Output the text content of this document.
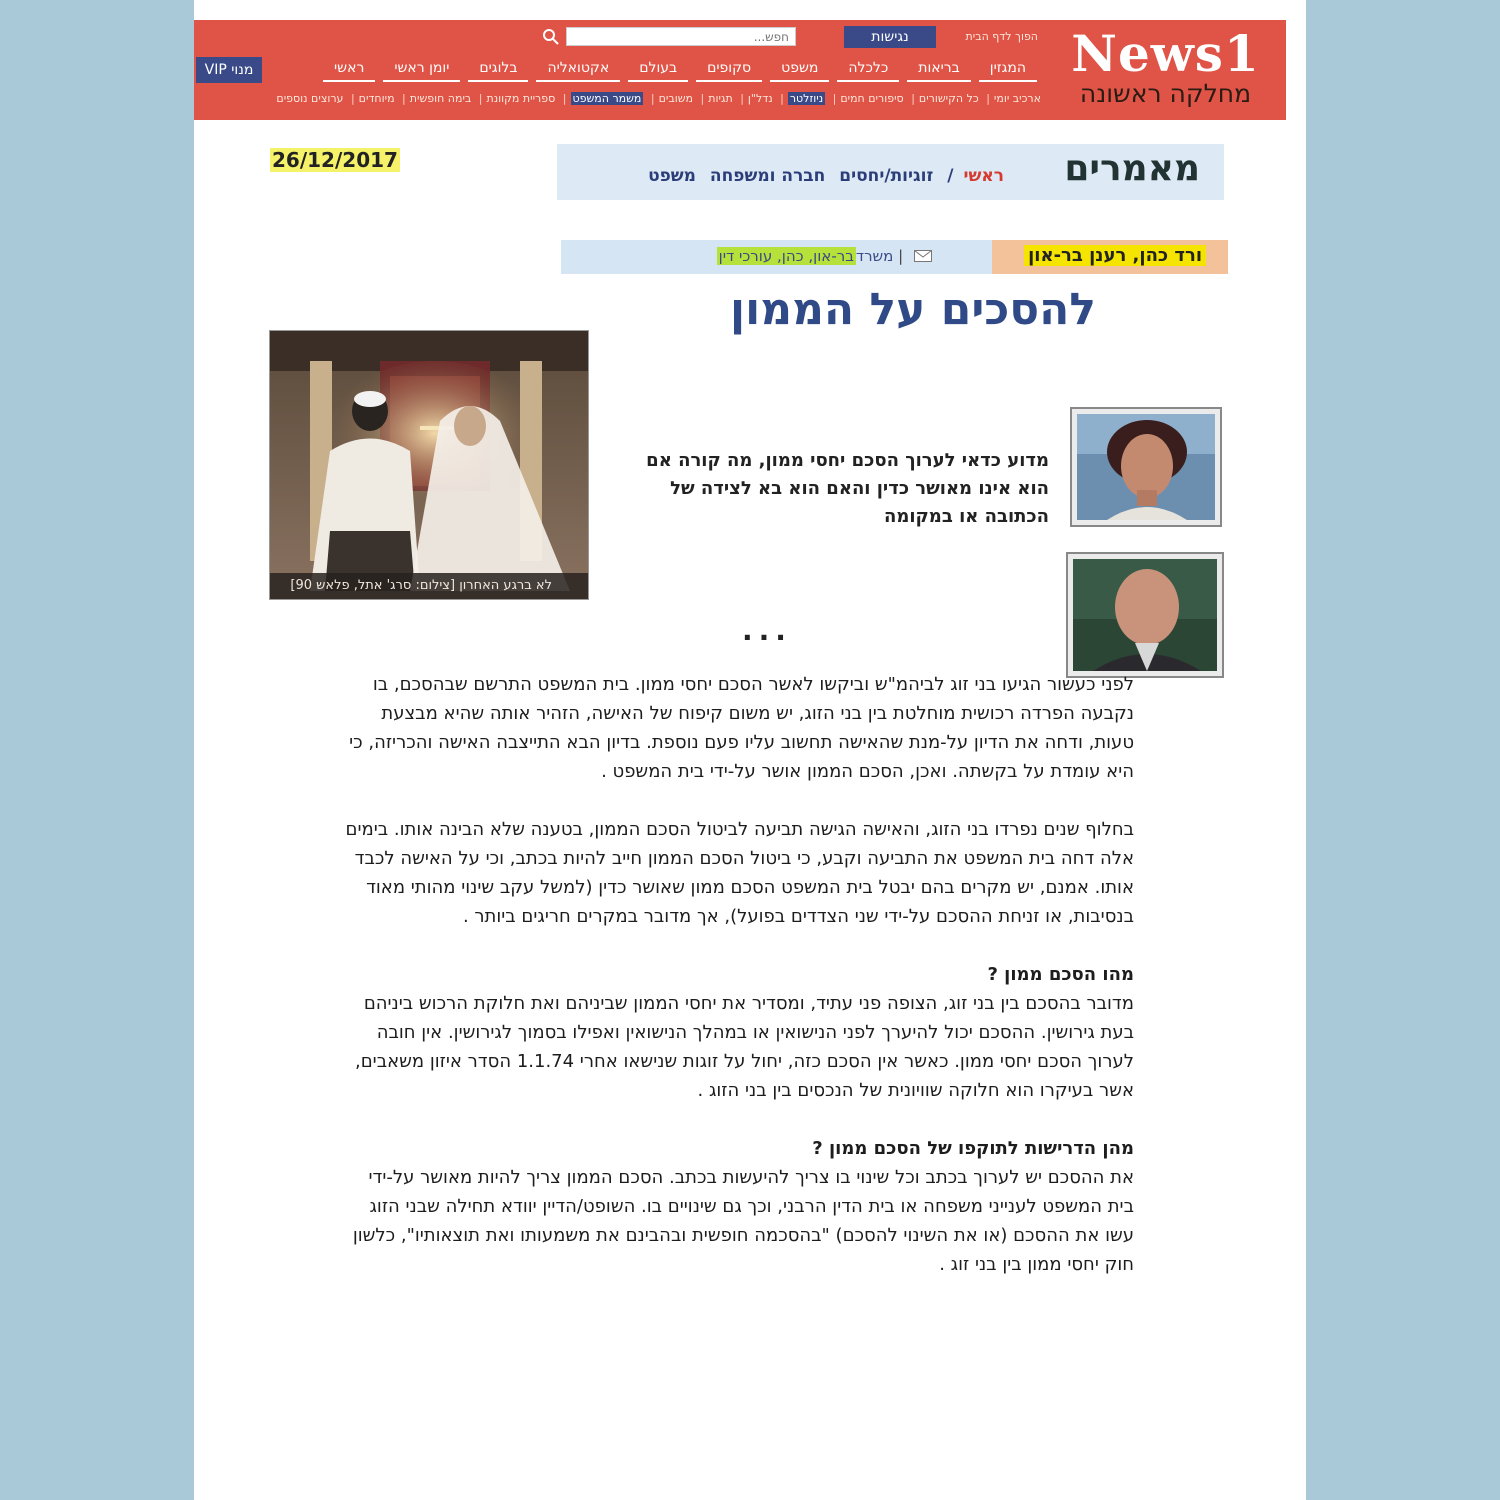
News1
מחלקה ראשונה
הפוך לדף הבית
נגישות
חפש...
ראשי	יומן ראשי	בלוגים	אקטואליה	בעולם	סקופים	משפט	כלכלה	בריאות	המגזין
מנוי VIP
ארכיב יומי| כל הקישורים| סיפורים חמים| ניוזלטר| נדל"ן| תגיות| משובים| משמר המשפט| ספריית מקוונת| בימה חופשית| מיוחדים| ערוצים נוספים
26/12/2017	מאמרים
ראשי/זוגיות/יחסים חברה ומשפחה משפט
ורד כהן, רענן בר-און
| משרדבר-און, כהן, עורכי דין
להסכים על הממון
לא ברגע האחרון [צילום: סרג' אתל, פלאש 90]
מדוע כדאי לערוך הסכם יחסי ממון, מה קורה אם הוא אינו מאושר כדין והאם הוא בא לצידה של הכתובה או במקומה
...

לפני כעשור הגיעו בני זוג לביהמ"ש וביקשו לאשר הסכם יחסי ממון. בית המשפט התרשם שבהסכם, בו נקבעה הפרדה רכושית מוחלטת בין בני הזוג, יש משום קיפוח של האישה, הזהיר אותה שהיא מבצעת טעות, ודחה את הדיון על-מנת שהאישה תחשוב עליו פעם נוספת. בדיון הבא התייצבה האישה והכריזה, כי היא עומדת על בקשתה. ואכן, הסכם הממון אושר על-ידי בית המשפט .

בחלוף שנים נפרדו בני הזוג, והאישה הגישה תביעה לביטול הסכם הממון, בטענה שלא הבינה אותו. בימים אלה דחה בית המשפט את התביעה וקבע, כי ביטול הסכם הממון חייב להיות בכתב, וכי על האישה לכבד אותו. אמנם, יש מקרים בהם יבטל בית המשפט הסכם ממון שאושר כדין (למשל עקב שינוי מהותי מאוד בנסיבות, או זניחת ההסכם על-ידי שני הצדדים בפועל), אך מדובר במקרים חריגים ביותר .

מהו הסכם ממון ?

מדובר בהסכם בין בני זוג, הצופה פני עתיד, ומסדיר את יחסי הממון שביניהם ואת חלוקת הרכוש ביניהם בעת גירושין. ההסכם יכול להיערך לפני הנישואין או במהלך הנישואין ואפילו בסמוך לגירושין. אין חובה לערוך הסכם יחסי ממון. כאשר אין הסכם כזה, יחול על זוגות שנישאו אחרי 1.1.74 הסדר איזון משאבים, אשר בעיקרו הוא חלוקה שוויונית של הנכסים בין בני הזוג .

מהן הדרישות לתוקפו של הסכם ממון ?

את ההסכם יש לערוך בכתב וכל שינוי בו צריך להיעשות בכתב. הסכם הממון צריך להיות מאושר על-ידי בית המשפט לענייני משפחה או בית הדין הרבני, וכך גם שינויים בו. השופט/הדיין יוודא תחילה שבני הזוג עשו את ההסכם (או את השינוי להסכם) "בהסכמה חופשית ובהבינם את משמעותו ואת תוצאותיו", כלשון חוק יחסי ממון בין בני זוג .
